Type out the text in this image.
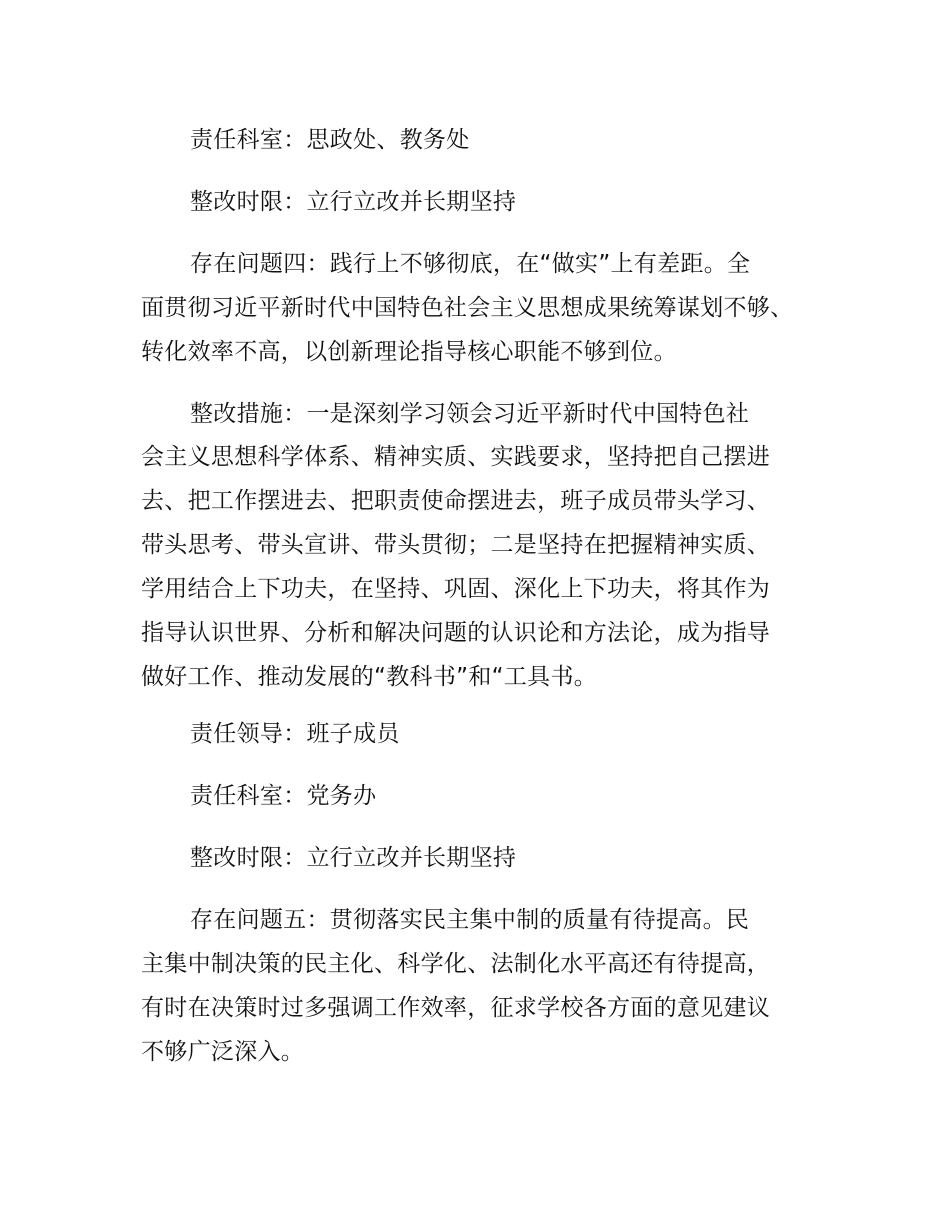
责任科室：思政处、教务处
整改时限：立行立改并长期坚持
存在问题四：践行上不够彻底，在“做实”上有差距。全
面贯彻习近平新时代中国特色社会主义思想成果统筹谋划不够、
转化效率不高，以创新理论指导核心职能不够到位。
整改措施：一是深刻学习领会习近平新时代中国特色社
会主义思想科学体系、精神实质、实践要求，坚持把自己摆进
去、把工作摆进去、把职责使命摆进去，班子成员带头学习、
带头思考、带头宣讲、带头贯彻；二是坚持在把握精神实质、
学用结合上下功夫，在坚持、巩固、深化上下功夫，将其作为
指导认识世界、分析和解决问题的认识论和方法论，成为指导
做好工作、推动发展的“教科书”和“工具书。
责任领导：班子成员
责任科室：党务办
整改时限：立行立改并长期坚持
存在问题五：贯彻落实民主集中制的质量有待提高。民
主集中制决策的民主化、科学化、法制化水平高还有待提高，
有时在决策时过多强调工作效率，征求学校各方面的意见建议
不够广泛深入。
